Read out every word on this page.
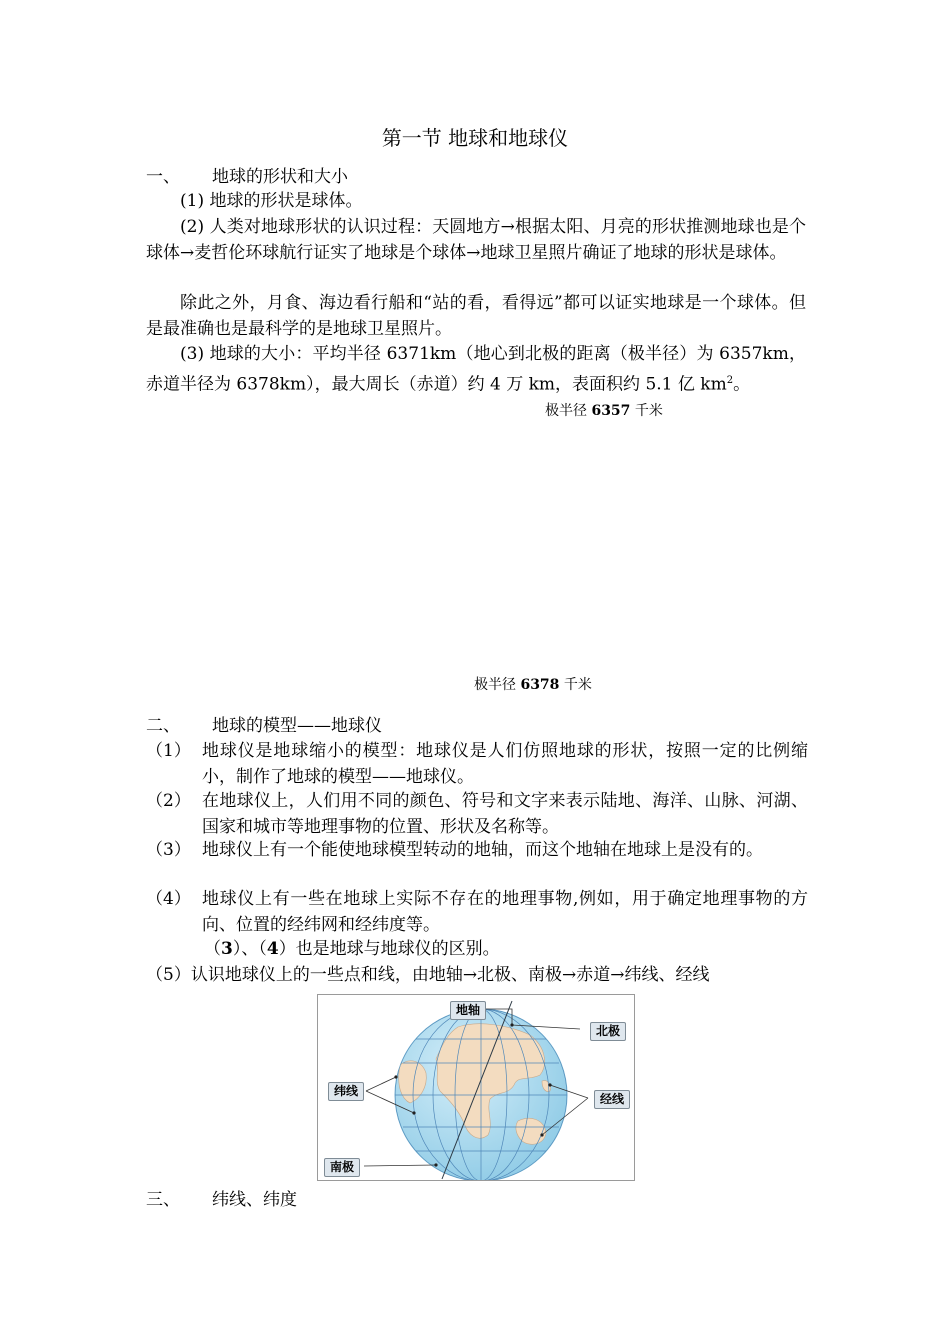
第一节 地球和地球仪
一、 地球的形状和大小
(1) 地球的形状是球体。
(2) 人类对地球形状的认识过程：天圆地方→根据太阳、月亮的形状推测地球也是个球体→麦哲伦环球航行证实了地球是个球体→地球卫星照片确证了地球的形状是球体。
除此之外，月食、海边看行船和“站的看，看得远”都可以证实地球是一个球体。但是最准确也是最科学的是地球卫星照片。
(3) 地球的大小：平均半径 6371km（地心到北极的距离（极半径）为 6357km，赤道半径为 6378km），最大周长（赤道）约 4 万 km，表面积约 5.1 亿 $km^2$。
极半径 6357 千米
极半径 6378 千米
二、 地球的模型——地球仪
（1） 地球仪是地球缩小的模型：地球仪是人们仿照地球的形状，按照一定的比例缩小，制作了地球的模型——地球仪。
（2） 在地球仪上，人们用不同的颜色、符号和文字来表示陆地、海洋、山脉、河湖、国家和城市等地理事物的位置、形状及名称等。
（3） 地球仪上有一个能使地球模型转动的地轴，而这个地轴在地球上是没有的。
（4） 地球仪上有一些在地球上实际不存在的地理事物,例如，用于确定地理事物的方向、位置的经纬网和经纬度等。
（3）、（4）也是地球与地球仪的区别。
（5）认识地球仪上的一些点和线，由地轴→北极、南极→赤道→纬线、经线
地轴
北极
纬线
经线
南极
三、 纬线、纬度
